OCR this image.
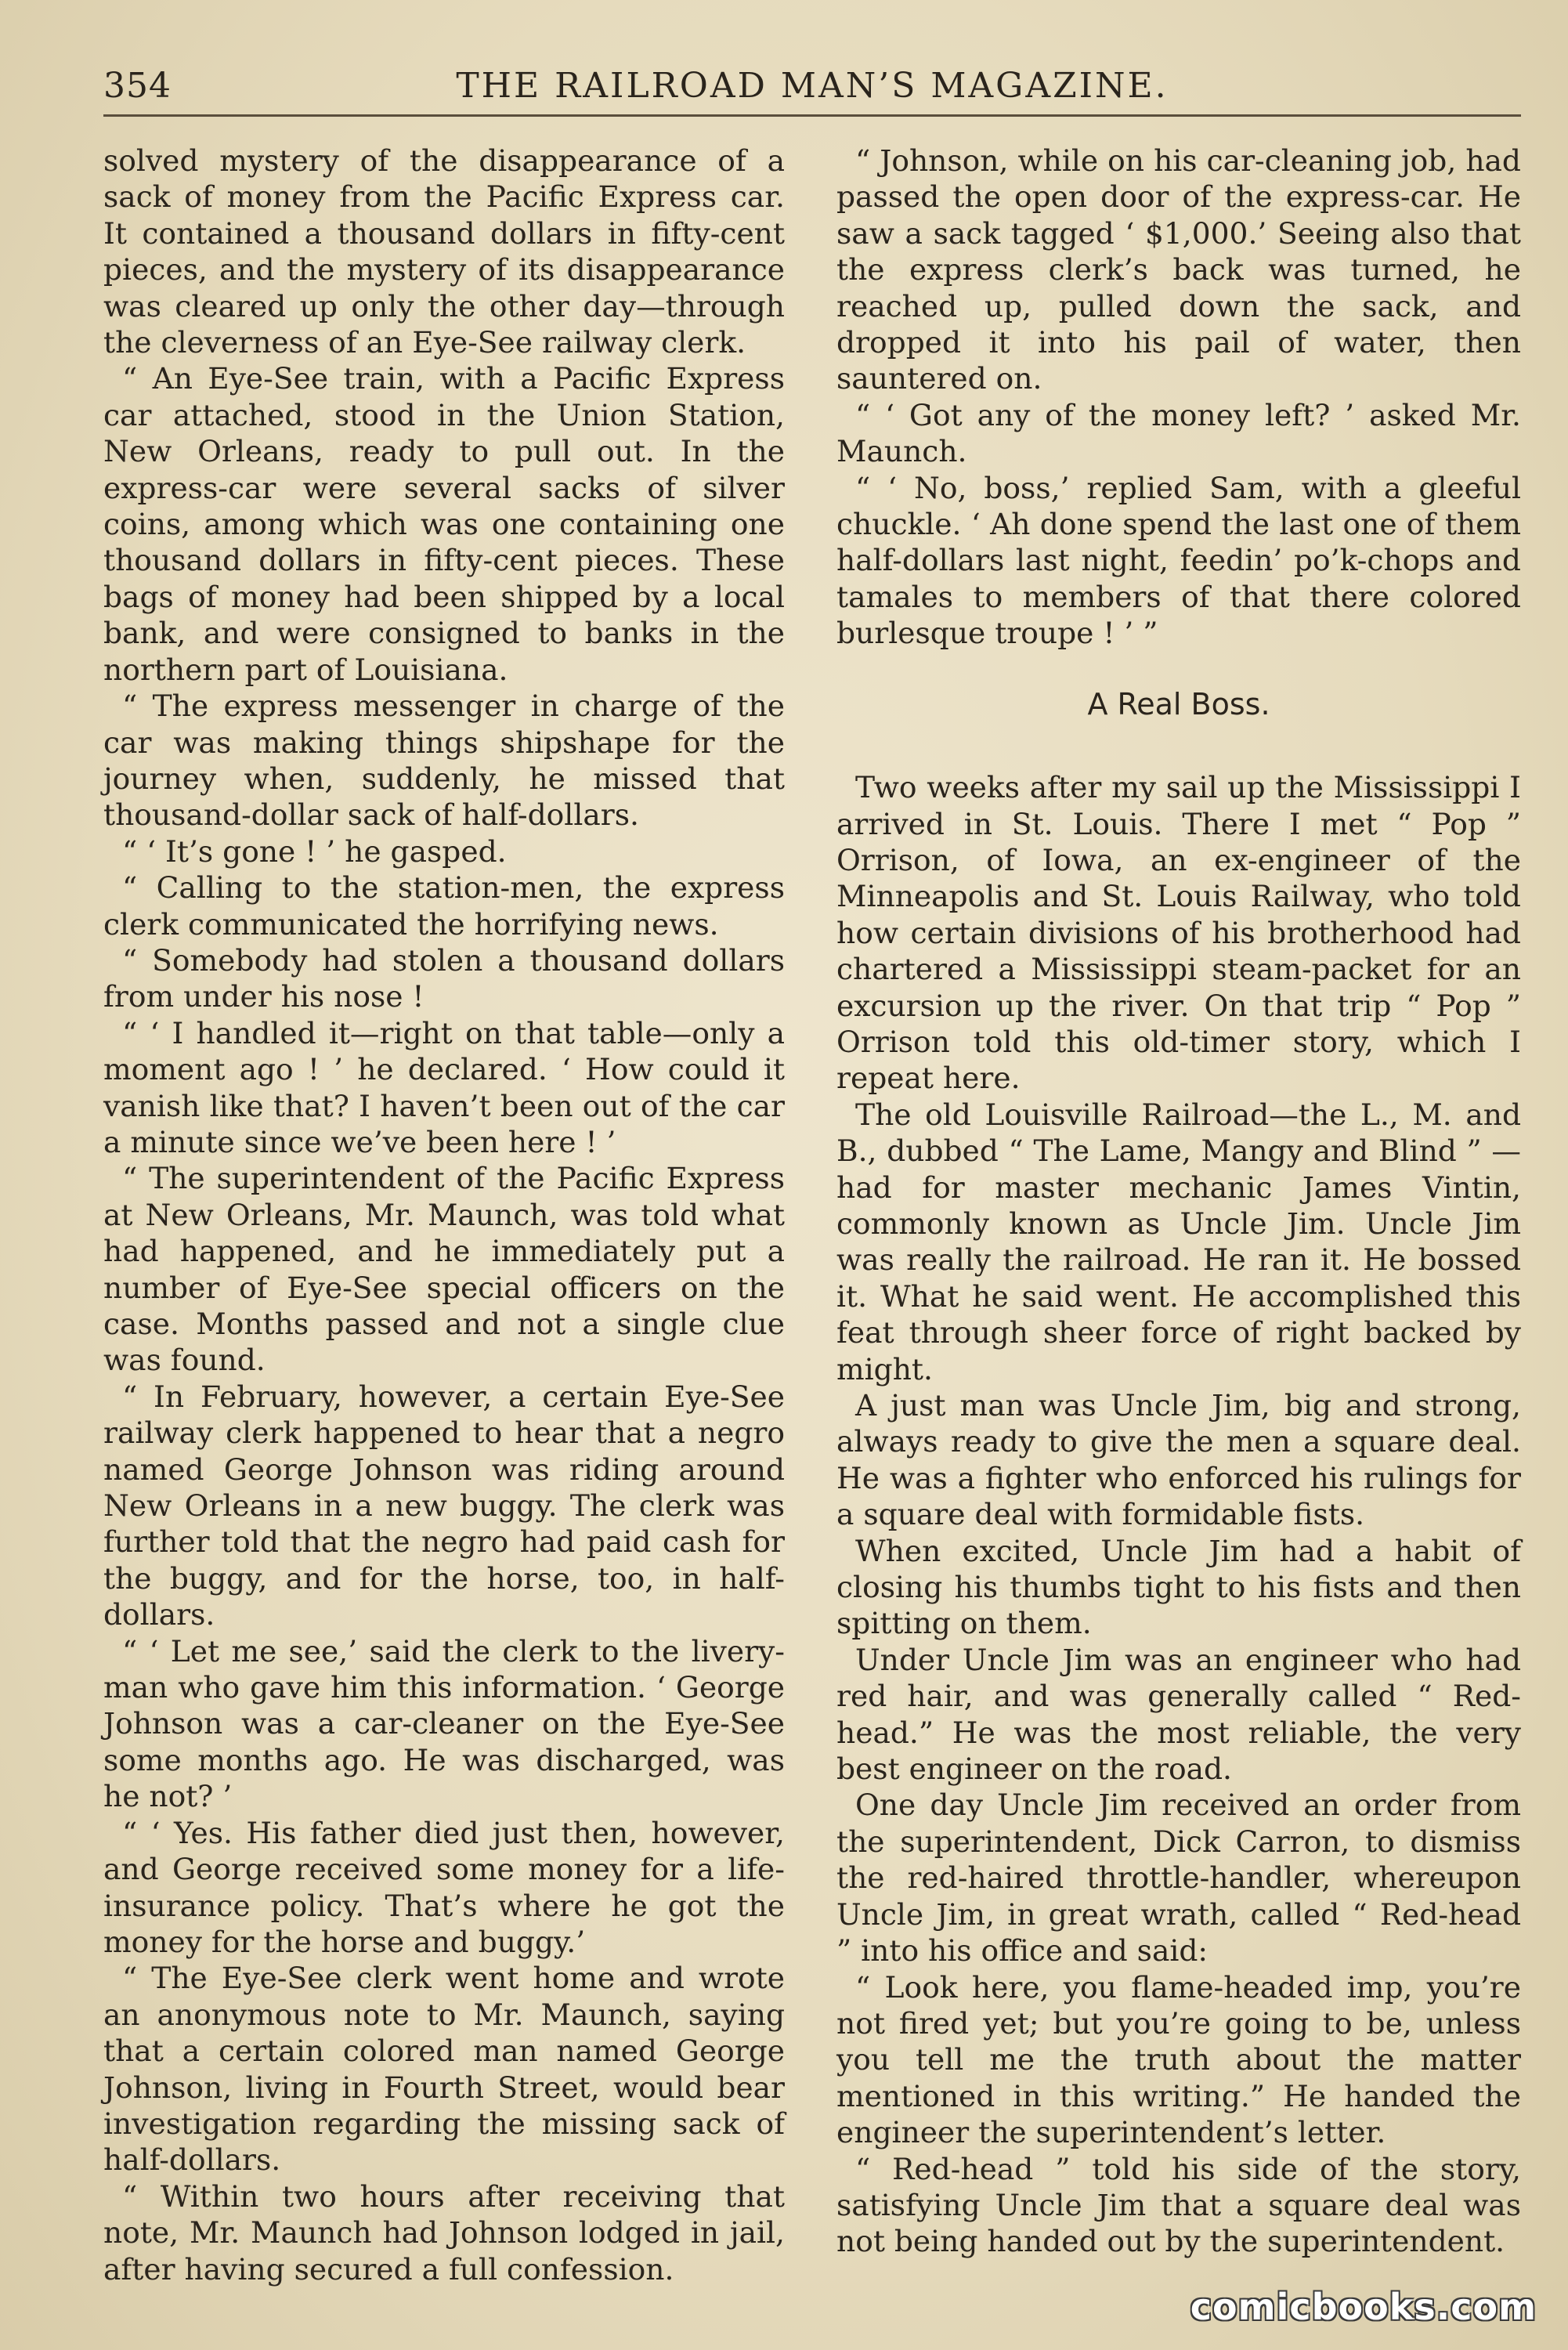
354	THE RAILROAD MAN’S MAGAZINE.

solved mystery of the disappearance of a sack of money from the Pacific Express car. It contained a thousand dollars in fifty-cent pieces, and the mystery of its disappearance was cleared up only the other day—through the cleverness of an Eye-See railway clerk.

“ An Eye-See train, with a Pacific Express car attached, stood in the Union Station, New Orleans, ready to pull out. In the express-car were several sacks of silver coins, among which was one containing one thousand dollars in fifty-cent pieces. These bags of money had been shipped by a local bank, and were consigned to banks in the northern part of Louisiana.

“ The express messenger in charge of the car was making things shipshape for the journey when, suddenly, he missed that thousand-dollar sack of half-dollars.

“ ‘ It’s gone ! ’ he gasped.

“ Calling to the station-men, the express clerk communicated the horrifying news.

“ Somebody had stolen a thousand dollars from under his nose !

“ ‘ I handled it—right on that table—only a moment ago ! ’ he declared. ‘ How could it vanish like that? I haven’t been out of the car a minute since we’ve been here ! ’

“ The superintendent of the Pacific Express at New Orleans, Mr. Maunch, was told what had happened, and he immediately put a number of Eye-See special officers on the case. Months passed and not a single clue was found.

“ In February, however, a certain Eye-See railway clerk happened to hear that a negro named George Johnson was riding around New Orleans in a new buggy. The clerk was further told that the negro had paid cash for the buggy, and for the horse, too, in half-dollars.

“ ‘ Let me see,’ said the clerk to the livery-man who gave him this information. ‘ George Johnson was a car-cleaner on the Eye-See some months ago. He was discharged, was he not? ’

“ ‘ Yes. His father died just then, however, and George received some money for a life-insurance policy. That’s where he got the money for the horse and buggy.’

“ The Eye-See clerk went home and wrote an anonymous note to Mr. Maunch, saying that a certain colored man named George Johnson, living in Fourth Street, would bear investigation regarding the missing sack of half-dollars.

“ Within two hours after receiving that note, Mr. Maunch had Johnson lodged in jail, after having secured a full confession.

“ Johnson, while on his car-cleaning job, had passed the open door of the express-car. He saw a sack tagged ‘ $1,000.’ Seeing also that the express clerk’s back was turned, he reached up, pulled down the sack, and dropped it into his pail of water, then sauntered on.

“ ‘ Got any of the money left? ’ asked Mr. Maunch.

“ ‘ No, boss,’ replied Sam, with a gleeful chuckle. ‘ Ah done spend the last one of them half-dollars last night, feedin’ po’k-chops and tamales to members of that there colored burlesque troupe ! ’ ”

A Real Boss.

Two weeks after my sail up the Mississippi I arrived in St. Louis. There I met “ Pop ” Orrison, of Iowa, an ex-engineer of the Minneapolis and St. Louis Railway, who told how certain divisions of his brotherhood had chartered a Mississippi steam-packet for an excursion up the river. On that trip “ Pop ” Orrison told this old-timer story, which I repeat here.

The old Louisville Railroad—the L., M. and B., dubbed “ The Lame, Mangy and Blind ” — had for master mechanic James Vintin, commonly known as Uncle Jim. Uncle Jim was really the railroad. He ran it. He bossed it. What he said went. He accomplished this feat through sheer force of right backed by might.

A just man was Uncle Jim, big and strong, always ready to give the men a square deal. He was a fighter who enforced his rulings for a square deal with formidable fists.

When excited, Uncle Jim had a habit of closing his thumbs tight to his fists and then spitting on them.

Under Uncle Jim was an engineer who had red hair, and was generally called “ Red-head.” He was the most reliable, the very best engineer on the road.

One day Uncle Jim received an order from the superintendent, Dick Carron, to dismiss the red-haired throttle-handler, whereupon Uncle Jim, in great wrath, called “ Red-head ” into his office and said:

“ Look here, you flame-headed imp, you’re not fired yet; but you’re going to be, unless you tell me the truth about the matter mentioned in this writing.” He handed the engineer the superintendent’s letter.

“ Red-head ” told his side of the story, satisfying Uncle Jim that a square deal was not being handed out by the superintendent.

comicbooks.com
